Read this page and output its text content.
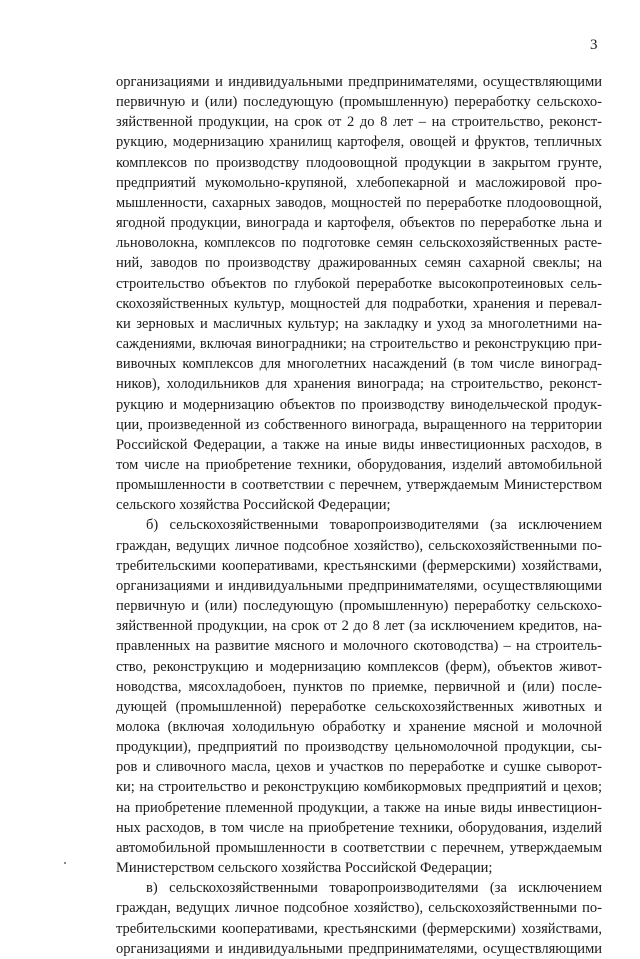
3

организациями и индивидуальными предпринимателями, осуществляющими
первичную и (или) последующую (промышленную) переработку сельскохо-
зяйственной продукции, на срок от 2 до 8 лет – на строительство, реконст-
рукцию, модернизацию хранилищ картофеля, овощей и фруктов, тепличных
комплексов по производству плодоовощной продукции в закрытом грунте,
предприятий мукомольно-крупяной, хлебопекарной и масложировой про-
мышленности, сахарных заводов, мощностей по переработке плодоовощной,
ягодной продукции, винограда и картофеля, объектов по переработке льна и
льноволокна, комплексов по подготовке семян сельскохозяйственных расте-
ний, заводов по производству дражированных семян сахарной свеклы; на
строительство объектов по глубокой переработке высокопротеиновых сель-
скохозяйственных культур, мощностей для подработки, хранения и перевал-
ки зерновых и масличных культур; на закладку и уход за многолетними на-
саждениями, включая виноградники; на строительство и реконструкцию при-
вивочных комплексов для многолетних насаждений (в том числе виноград-
ников), холодильников для хранения винограда; на строительство, реконст-
рукцию и модернизацию объектов по производству винодельческой продук-
ции, произведенной из собственного винограда, выращенного на территории
Российской Федерации, а также на иные виды инвестиционных расходов, в
том числе на приобретение техники, оборудования, изделий автомобильной
промышленности в соответствии с перечнем, утверждаемым Министерством
сельского хозяйства Российской Федерации;

б) сельскохозяйственными товаропроизводителями (за исключением
граждан, ведущих личное подсобное хозяйство), сельскохозяйственными по-
требительскими кооперативами, крестьянскими (фермерскими) хозяйствами,
организациями и индивидуальными предпринимателями, осуществляющими
первичную и (или) последующую (промышленную) переработку сельскохо-
зяйственной продукции, на срок от 2 до 8 лет (за исключением кредитов, на-
правленных на развитие мясного и молочного скотоводства) – на строитель-
ство, реконструкцию и модернизацию комплексов (ферм), объектов живот-
новодства, мясохладобоен, пунктов по приемке, первичной и (или) после-
дующей (промышленной) переработке сельскохозяйственных животных и
молока (включая холодильную обработку и хранение мясной и молочной
продукции), предприятий по производству цельномолочной продукции, сы-
ров и сливочного масла, цехов и участков по переработке и сушке сыворот-
ки; на строительство и реконструкцию комбикормовых предприятий и цехов;
на приобретение племенной продукции, а также на иные виды инвестицион-
ных расходов, в том числе на приобретение техники, оборудования, изделий
автомобильной промышленности в соответствии с перечнем, утверждаемым
Министерством сельского хозяйства Российской Федерации;

в) сельскохозяйственными товаропроизводителями (за исключением
граждан, ведущих личное подсобное хозяйство), сельскохозяйственными по-
требительскими кооперативами, крестьянскими (фермерскими) хозяйствами,
организациями и индивидуальными предпринимателями, осуществляющими
